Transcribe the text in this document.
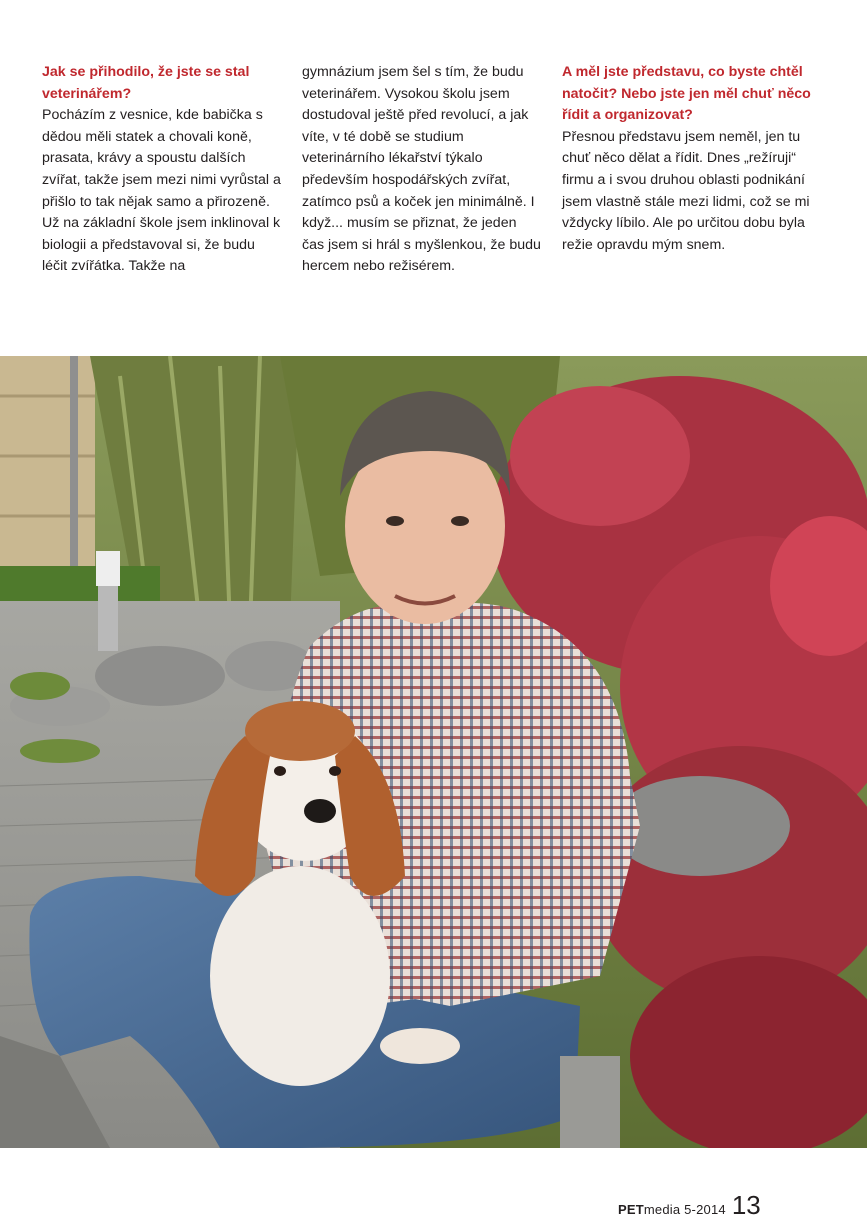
Jak se přihodilo, že jste se stal veterinářem?

Pocházím z vesnice, kde babička s dědou měli statek a chovali koně, prasata, krávy a spoustu dalších zvířat, takže jsem mezi nimi vyrůstal a přišlo to tak nějak samo a přirozeně. Už na základní škole jsem inklinoval k biologii a představoval si, že budu léčit zvířátka. Takže na

gymnázium jsem šel s tím, že budu veterinářem. Vysokou školu jsem dostudoval ještě před revolucí, a jak víte, v té době se studium veterinárního lékařství týkalo především hospodářských zvířat, zatímco psů a koček jen minimálně. I když... musím se přiznat, že jeden čas jsem si hrál s myšlenkou, že budu hercem nebo režisérem.

A měl jste představu, co byste chtěl natočit? Nebo jste jen měl chuť něco řídit a organizovat?

Přesnou představu jsem neměl, jen tu chuť něco dělat a řídit. Dnes „režíruji“ firmu a i svou druhou oblasti podnikání jsem vlastně stále mezi lidmi, což se mi vždycky líbilo. Ale po určitou dobu byla režie opravdu mým snem.

PETmedia 5-2014 13
